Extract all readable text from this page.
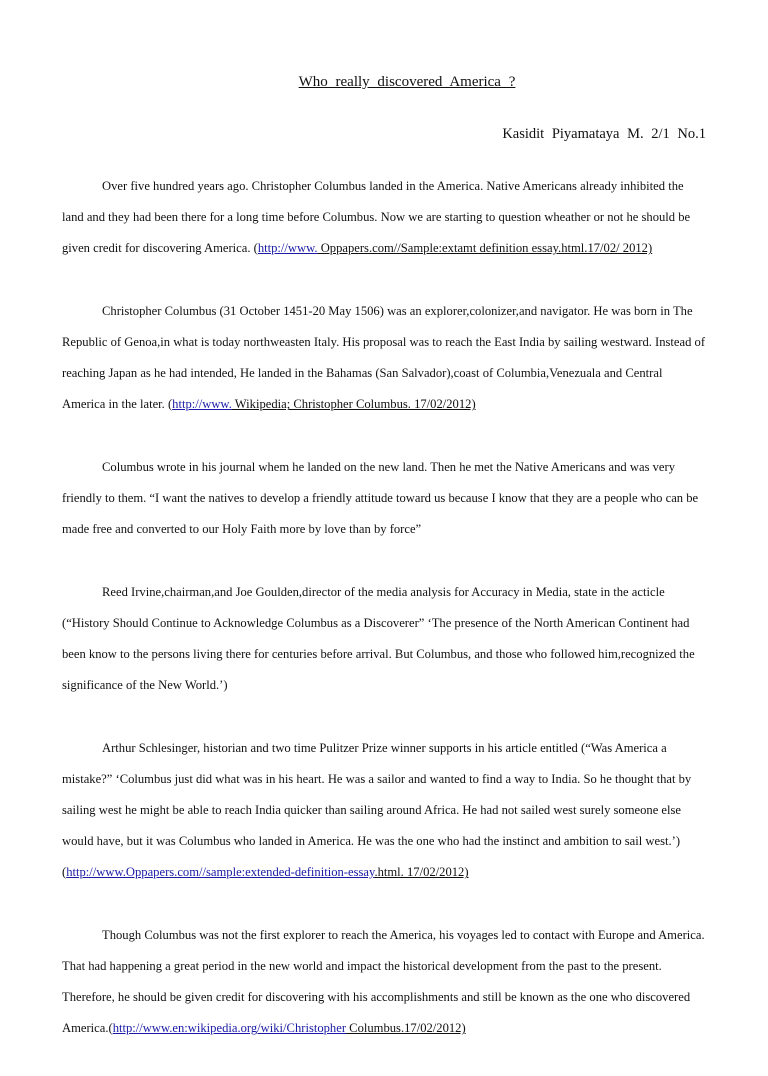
Who really discovered America ?
Kasidit Piyamataya M. 2/1 No.1

Over five hundred years ago. Christopher Columbus landed in the America. Native Americans already inhibited the land and they had been there for a long time before Columbus. Now we are starting to question wheather or not he should be given credit for discovering America. (http://www. Oppapers.com//Sample:extamt definition essay.html.17/02/ 2012)

Christopher Columbus (31 October 1451-20 May 1506) was an explorer,colonizer,and navigator. He was born in The Republic of Genoa,in what is today northweasten Italy. His proposal was to reach the East India by sailing westward. Instead of reaching Japan as he had intended, He landed in the Bahamas (San Salvador),coast of Columbia,Venezuala and Central America in the later. (http://www. Wikipedia; Christopher Columbus. 17/02/2012)

Columbus wrote in his journal whem he landed on the new land. Then he met the Native Americans and was very friendly to them. “I want the natives to develop a friendly attitude toward us because I know that they are a people who can be made free and converted to our Holy Faith more by love than by force”

Reed Irvine,chairman,and Joe Goulden,director of the media analysis for Accuracy in Media, state in the acticle (“History Should Continue to Acknowledge Columbus as a Discoverer” ‘The presence of the North American Continent had been know to the persons living there for centuries before arrival. But Columbus, and those who followed him,recognized the significance of the New World.’)

Arthur Schlesinger, historian and two time Pulitzer Prize winner supports in his article entitled (“Was America a mistake?” ‘Columbus just did what was in his heart. He was a sailor and wanted to find a way to India. So he thought that by sailing west he might be able to reach India quicker than sailing around Africa. He had not sailed west surely someone else would have, but it was Columbus who landed in America. He was the one who had the instinct and ambition to sail west.’) (http://www.Oppapers.com//sample:extended-definition-essay.html. 17/02/2012)

Though Columbus was not the first explorer to reach the America, his voyages led to contact with Europe and America. That had happening a great period in the new world and impact the historical development from the past to the present. Therefore, he should be given credit for discovering with his accomplishments and still be known as the one who discovered America.(http://www.en:wikipedia.org/wiki/Christopher Columbus.17/02/2012)
